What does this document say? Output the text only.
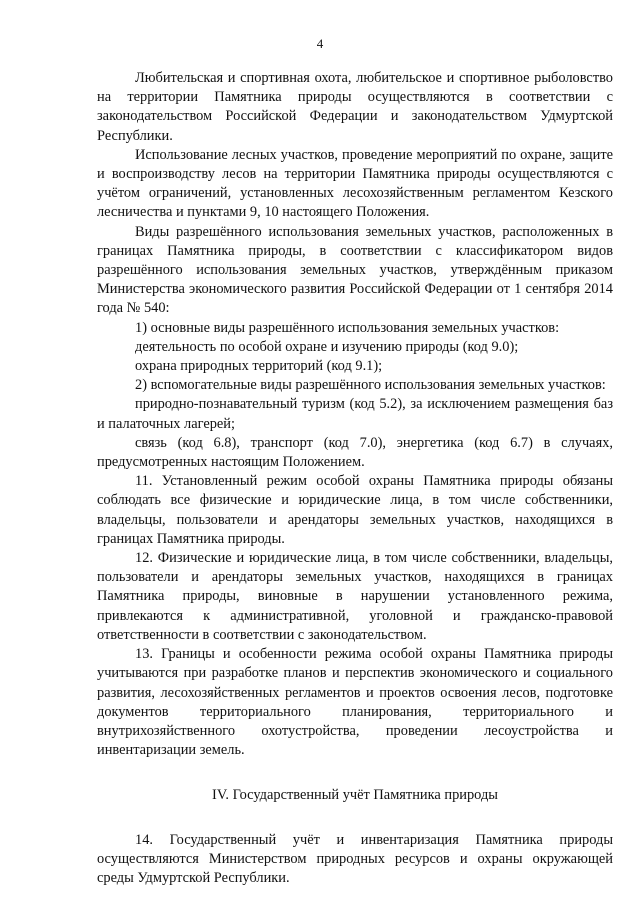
4

Любительская и спортивная охота, любительское и спортивное рыболовство на территории Памятника природы осуществляются в соответствии с законодательством Российской Федерации и законодательством Удмуртской Республики.

Использование лесных участков, проведение мероприятий по охране, защите и воспроизводству лесов на территории Памятника природы осуществляются с учётом ограничений, установленных лесохозяйственным регламентом Кезского лесничества и пунктами 9, 10 настоящего Положения.

Виды разрешённого использования земельных участков, расположенных в границах Памятника природы, в соответствии с классификатором видов разрешённого использования земельных участков, утверждённым приказом Министерства экономического развития Российской Федерации от 1 сентября 2014 года № 540:

1) основные виды разрешённого использования земельных участков:

деятельность по особой охране и изучению природы (код 9.0);

охрана природных территорий (код 9.1);

2) вспомогательные виды разрешённого использования земельных участков:

природно-познавательный туризм (код 5.2), за исключением размещения баз и палаточных лагерей;

связь (код 6.8), транспорт (код 7.0), энергетика (код 6.7) в случаях, предусмотренных настоящим Положением.

11. Установленный режим особой охраны Памятника природы обязаны соблюдать все физические и юридические лица, в том числе собственники, владельцы, пользователи и арендаторы земельных участков, находящихся в границах Памятника природы.

12. Физические и юридические лица, в том числе собственники, владельцы, пользователи и арендаторы земельных участков, находящихся в границах Памятника природы, виновные в нарушении установленного режима, привлекаются к административной, уголовной и гражданско-правовой ответственности в соответствии с законодательством.

13. Границы и особенности режима особой охраны Памятника природы учитываются при разработке планов и перспектив экономического и социального развития, лесохозяйственных регламентов и проектов освоения лесов, подготовке документов территориального планирования, территориального и внутрихозяйственного охотустройства, проведении лесоустройства и инвентаризации земель.

IV. Государственный учёт Памятника природы

14. Государственный учёт и инвентаризация Памятника природы осуществляются Министерством природных ресурсов и охраны окружающей среды Удмуртской Республики.
